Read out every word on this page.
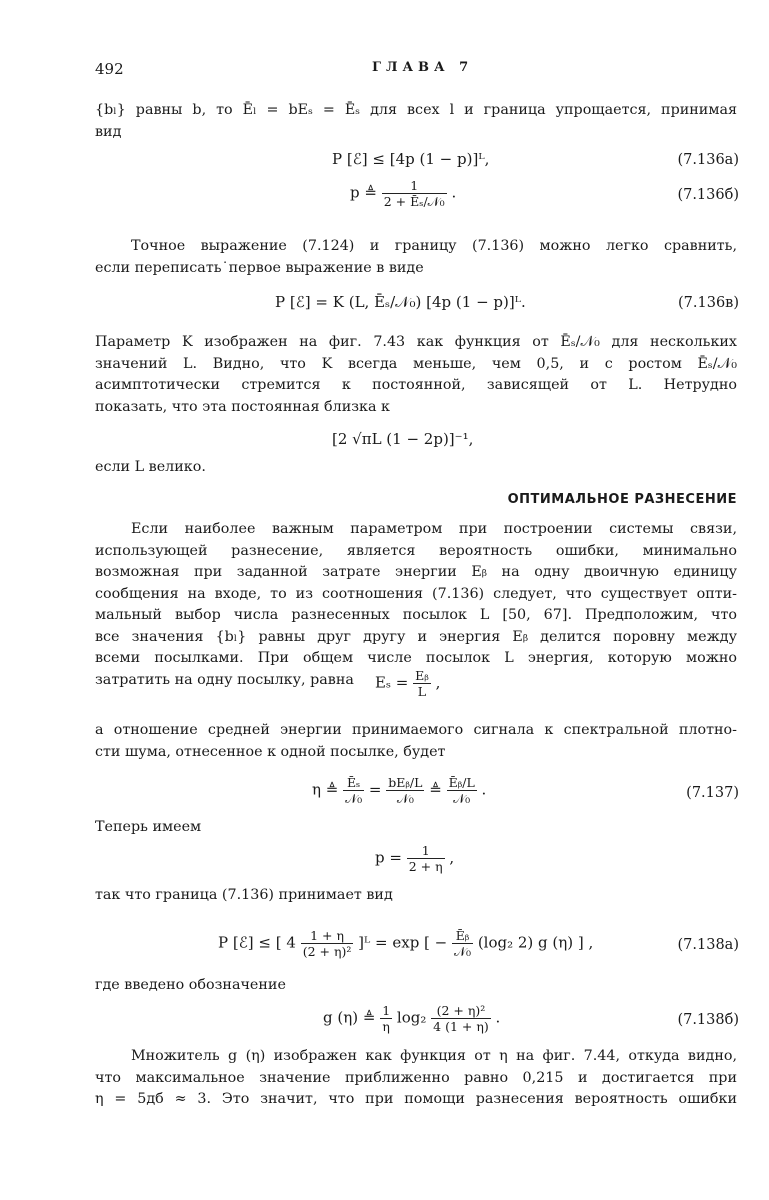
492	ГЛАВА 7
{bₗ} равны b, то Ēₗ = bEₛ = Ēₛ для всех l и граница упрощается, принимая
вид
P [ℰ] ≤ [4p (1 − p)]ᴸ,	(7.136а)
p ≜ $\frac{1}{\text{2 + Ēₛ/𝒩₀}}$ .	(7.136б)
Точное выражение (7.124) и границу (7.136) можно легко сравнить,
если переписать˙первое выражение в виде
P [ℰ] = K (L, Ēₛ/𝒩₀) [4p (1 − p)]ᴸ.	(7.136в)
Параметр K изображен на фиг. 7.43 как функция от Ēₛ/𝒩₀ для нескольких
значений L. Видно, что K всегда меньше, чем 0,5, и с ростом Ēₛ/𝒩₀
асимптотически стремится к постоянной, зависящей от L. Нетрудно
показать, что эта постоянная близка к
[2 √πL (1 − 2p)]⁻¹,
если L велико.
ОПТИМАЛЬНОЕ РАЗНЕСЕНИЕ
Если наиболее важным параметром при построении системы связи,
использующей разнесение, является вероятность ошибки, минимально
возможная при заданной затрате энергии Eᵦ на одну двоичную единицу
сообщения на входе, то из соотношения (7.136) следует, что существует опти-
мальный выбор числа разнесенных посылок L [50, 67]. Предположим, что
все значения {bₗ} равны друг другу и энергия Eᵦ делится поровну между
всеми посылками. При общем числе посылок L энергия, которую можно
затратить на одну посылку, равна	$E_s = \frac{\text{Eᵦ}}{L}$ ,
а отношение средней энергии принимаемого сигнала к спектральной плотно-
сти шума, отнесенное к одной посылке, будет
η ≜ $\frac{\text{Ēₛ}}{\text{𝒩₀}} = \frac{\text{bEᵦ/L}}{\text{𝒩₀}}$ ≜ $\frac{\text{Ēᵦ/L}}{\text{𝒩₀}}$ .	(7.137)
Теперь имеем
$p = \frac{1}{2 + \eta}$ ,
так что граница (7.136) принимает вид
P [ℰ] ≤ [ $4 \frac{1 + \eta}{\text{(2 + η)²}}$ ]ᴸ = exp [ − $\frac{\text{Ēᵦ}}{\text{𝒩₀}} (\log_2$ 2) g (η) ] ,	(7.138а)
где введено обозначение
g (η) ≜ $\frac{1}{\eta} \log_2 \frac{\text{(2 + η)²}}{4 (1 + \eta)}$ .	(7.138б)
Множитель g (η) изображен как функция от η на фиг. 7.44, откуда видно,
что максимальное значение приближенно равно 0,215 и достигается при
η = 5дб ≈ 3. Это значит, что при помощи разнесения вероятность ошибки
